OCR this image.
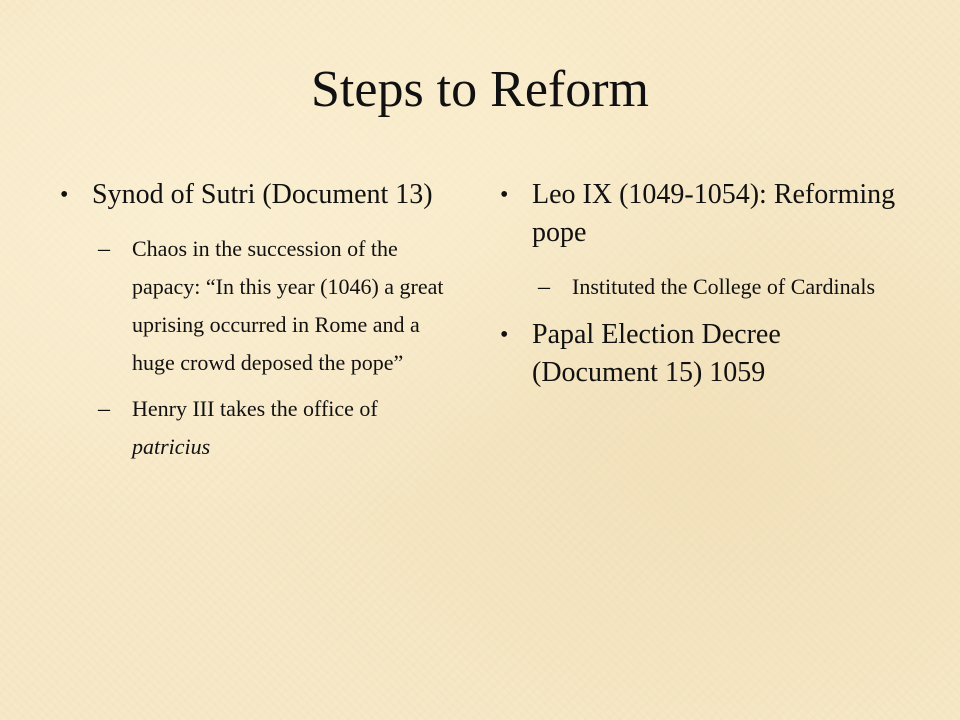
Steps to Reform
• Synod of Sutri (Document 13)
– Chaos in the succession of the papacy: “In this year (1046) a great uprising occurred in Rome and a huge crowd deposed the pope”
– Henry III takes the office of patricius
• Leo IX (1049-1054): Reforming pope
– Instituted the College of Cardinals
• Papal Election Decree (Document 15) 1059
